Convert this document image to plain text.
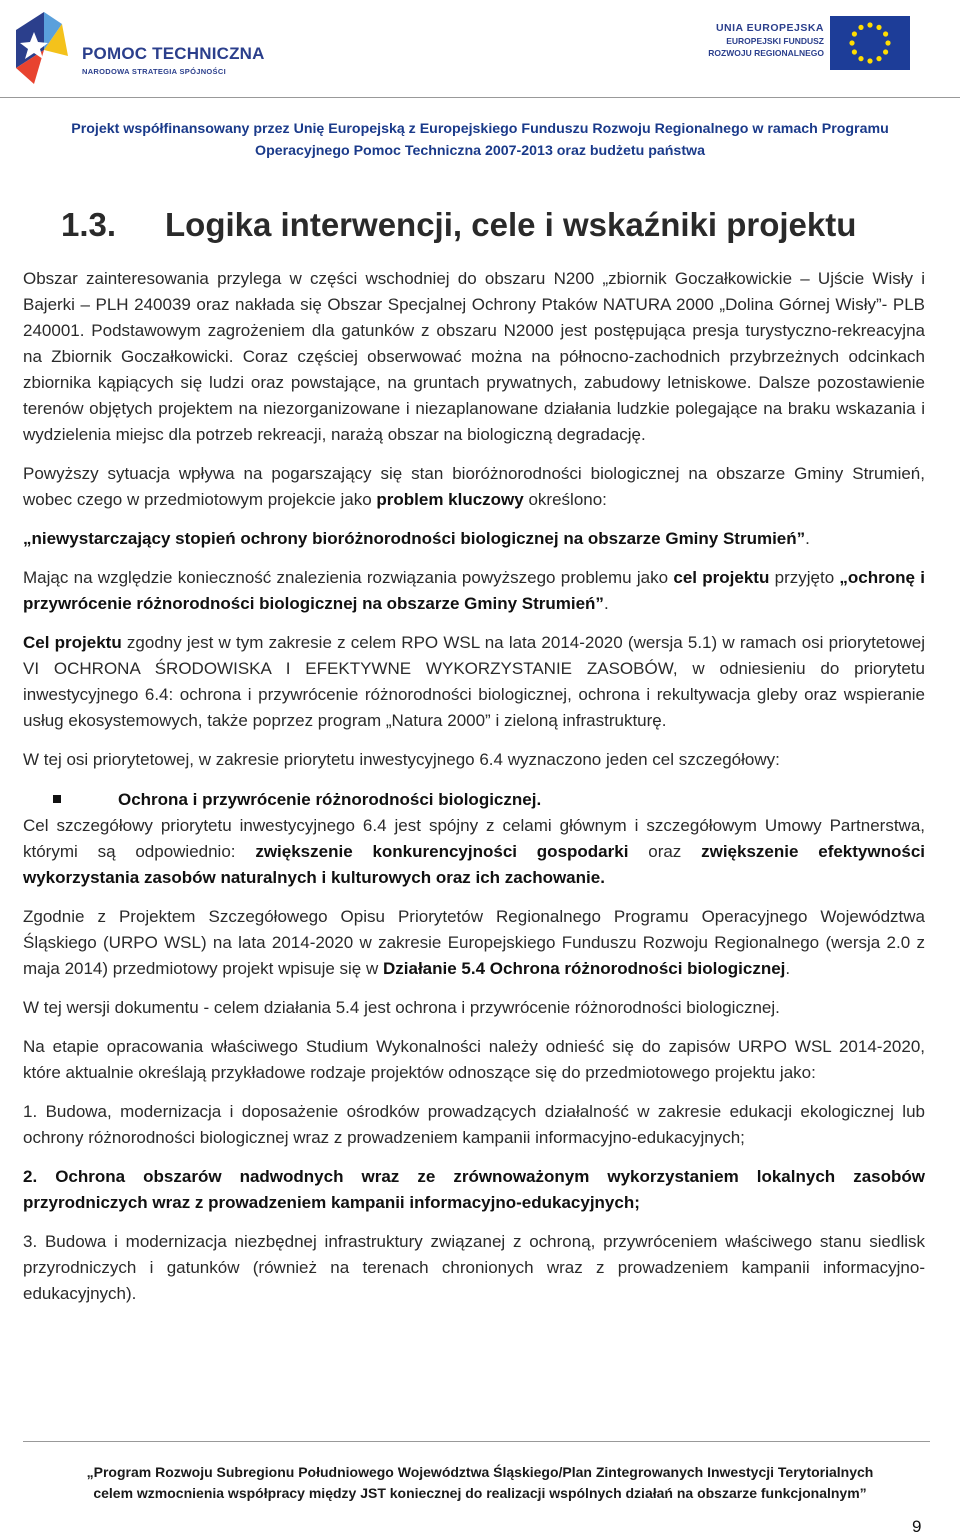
POMOC TECHNICZNA
NARODOWA STRATEGIA SPÓJNOŚCI
UNIA EUROPEJSKA
EUROPEJSKI FUNDUSZ
ROZWOJU REGIONALNEGO
Projekt współfinansowany przez Unię Europejską z Europejskiego Funduszu Rozwoju Regionalnego w ramach Programu
Operacyjnego Pomoc Techniczna 2007-2013 oraz budżetu państwa
1.3. Logika interwencji, cele i wskaźniki projektu

Obszar zainteresowania przylega w części wschodniej do obszaru N200 „zbiornik Goczałkowickie – Ujście Wisły i Bajerki – PLH 240039 oraz nakłada się Obszar Specjalnej Ochrony Ptaków NATURA 2000 „Dolina Górnej Wisły”- PLB 240001. Podstawowym zagrożeniem dla gatunków z obszaru N2000 jest postępująca presja turystyczno-rekreacyjna na Zbiornik Goczałkowicki. Coraz częściej obserwować można na północno-zachodnich przybrzeżnych odcinkach zbiornika kąpiących się ludzi oraz powstające, na gruntach prywatnych, zabudowy letniskowe. Dalsze pozostawienie terenów objętych projektem na niezorganizowane i niezaplanowane działania ludzkie polegające na braku wskazania i wydzielenia miejsc dla potrzeb rekreacji, narażą obszar na biologiczną degradację.

Powyższy sytuacja wpływa na pogarszający się stan bioróżnorodności biologicznej na obszarze Gminy Strumień, wobec czego w przedmiotowym projekcie jako problem kluczowy określono:

„niewystarczający stopień ochrony bioróżnorodności biologicznej na obszarze Gminy Strumień”.

Mając na względzie konieczność znalezienia rozwiązania powyższego problemu jako cel projektu przyjęto „ochronę i przywrócenie różnorodności biologicznej na obszarze Gminy Strumień”.

Cel projektu zgodny jest w tym zakresie z celem RPO WSL na lata 2014-2020 (wersja 5.1) w ramach osi priorytetowej VI OCHRONA ŚRODOWISKA I EFEKTYWNE WYKORZYSTANIE ZASOBÓW, w odniesieniu do priorytetu inwestycyjnego 6.4: ochrona i przywrócenie różnorodności biologicznej, ochrona i rekultywacja gleby oraz wspieranie usług ekosystemowych, także poprzez program „Natura 2000” i zieloną infrastrukturę.

W tej osi priorytetowej, w zakresie priorytetu inwestycyjnego 6.4 wyznaczono jeden cel szczegółowy:

Ochrona i przywrócenie różnorodności biologicznej.

Cel szczegółowy priorytetu inwestycyjnego 6.4 jest spójny z celami głównym i szczegółowym Umowy Partnerstwa, którymi są odpowiednio: zwiększenie konkurencyjności gospodarki oraz zwiększenie efektywności wykorzystania zasobów naturalnych i kulturowych oraz ich zachowanie.

Zgodnie z Projektem Szczegółowego Opisu Priorytetów Regionalnego Programu Operacyjnego Województwa Śląskiego (URPO WSL) na lata 2014-2020 w zakresie Europejskiego Funduszu Rozwoju Regionalnego (wersja 2.0 z maja 2014) przedmiotowy projekt wpisuje się w Działanie 5.4 Ochrona różnorodności biologicznej.

W tej wersji dokumentu - celem działania 5.4 jest ochrona i przywrócenie różnorodności biologicznej.

Na etapie opracowania właściwego Studium Wykonalności należy odnieść się do zapisów URPO WSL 2014-2020, które aktualnie określają przykładowe rodzaje projektów odnoszące się do przedmiotowego projektu jako:

1. Budowa, modernizacja i doposażenie ośrodków prowadzących działalność w zakresie edukacji ekologicznej lub ochrony różnorodności biologicznej wraz z prowadzeniem kampanii informacyjno-edukacyjnych;

2. Ochrona obszarów nadwodnych wraz ze zrównoważonym wykorzystaniem lokalnych zasobów przyrodniczych wraz z prowadzeniem kampanii informacyjno-edukacyjnych;

3. Budowa i modernizacja niezbędnej infrastruktury związanej z ochroną, przywróceniem właściwego stanu siedlisk przyrodniczych i gatunków (również na terenach chronionych wraz z prowadzeniem kampanii informacyjno-edukacyjnych).

„Program Rozwoju Subregionu Południowego Województwa Śląskiego/Plan Zintegrowanych Inwestycji Terytorialnych
celem wzmocnienia współpracy między JST koniecznej do realizacji wspólnych działań na obszarze funkcjonalnym”
9
